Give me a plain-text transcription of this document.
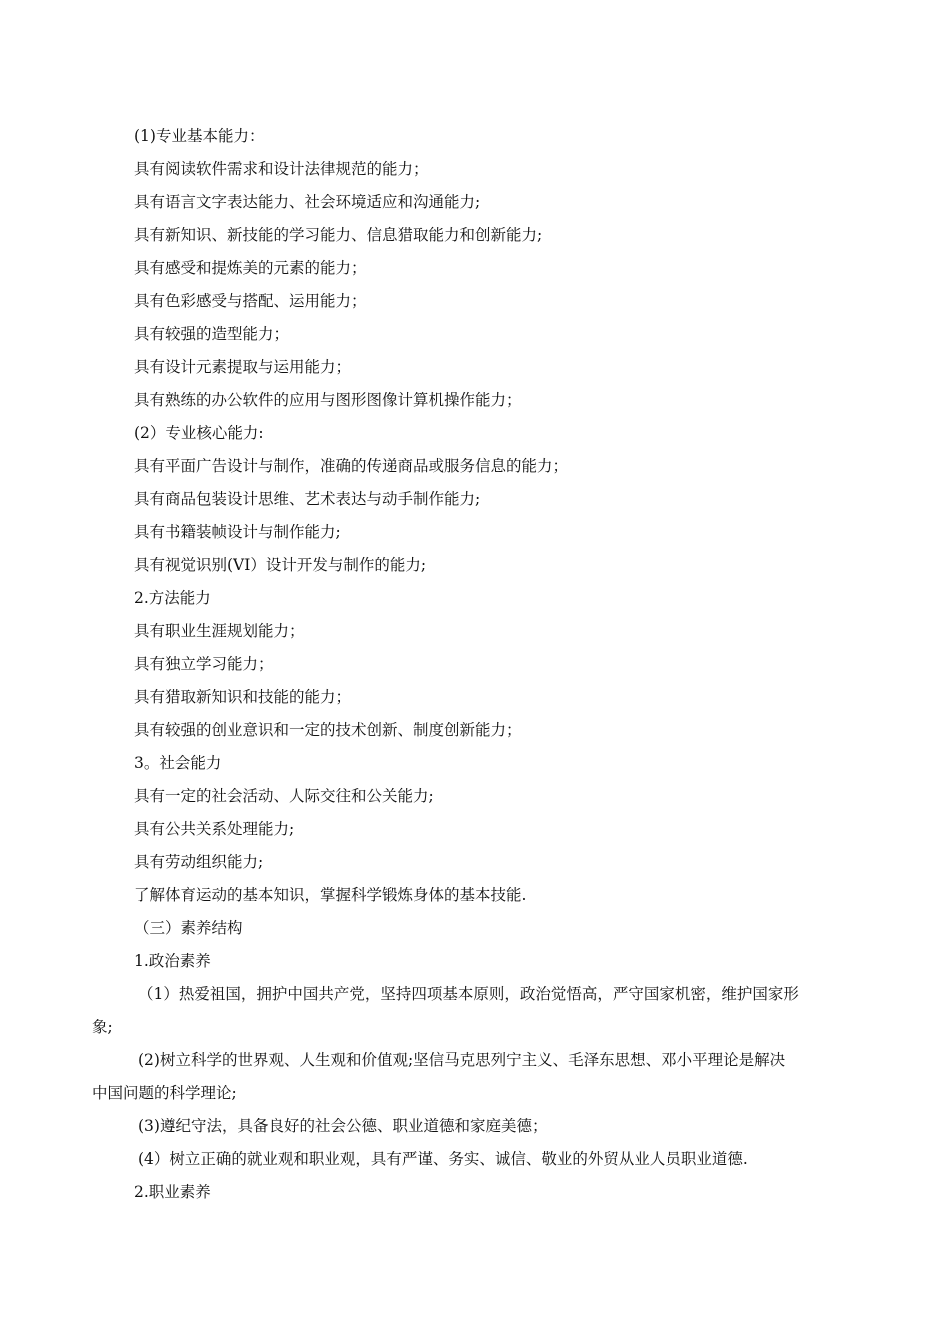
(1)专业基本能力：
具有阅读软件需求和设计法律规范的能力；
具有语言文字表达能力、社会环境适应和沟通能力;
具有新知识、新技能的学习能力、信息猎取能力和创新能力;
具有感受和提炼美的元素的能力；
具有色彩感受与搭配、运用能力；
具有较强的造型能力；
具有设计元素提取与运用能力；
具有熟练的办公软件的应用与图形图像计算机操作能力；
(2）专业核心能力:
具有平面广告设计与制作，准确的传递商品或服务信息的能力；
具有商品包装设计思维、艺术表达与动手制作能力;
具有书籍装帧设计与制作能力;
具有视觉识别(VI）设计开发与制作的能力;
2.方法能力
具有职业生涯规划能力；
具有独立学习能力；
具有猎取新知识和技能的能力；
具有较强的创业意识和一定的技术创新、制度创新能力；
3。社会能力
具有一定的社会活动、人际交往和公关能力;
具有公共关系处理能力;
具有劳动组织能力;
了解体育运动的基本知识，掌握科学锻炼身体的基本技能.
（三）素养结构
1.政治素养
（1）热爱祖国，拥护中国共产党，坚持四项基本原则，政治觉悟高，严守国家机密，维护国家形
象;
(2)树立科学的世界观、人生观和价值观;坚信马克思列宁主义、毛泽东思想、邓小平理论是解决
中国问题的科学理论;
(3)遵纪守法，具备良好的社会公德、职业道德和家庭美德；
(4）树立正确的就业观和职业观，具有严谨、务实、诚信、敬业的外贸从业人员职业道德.
2.职业素养
